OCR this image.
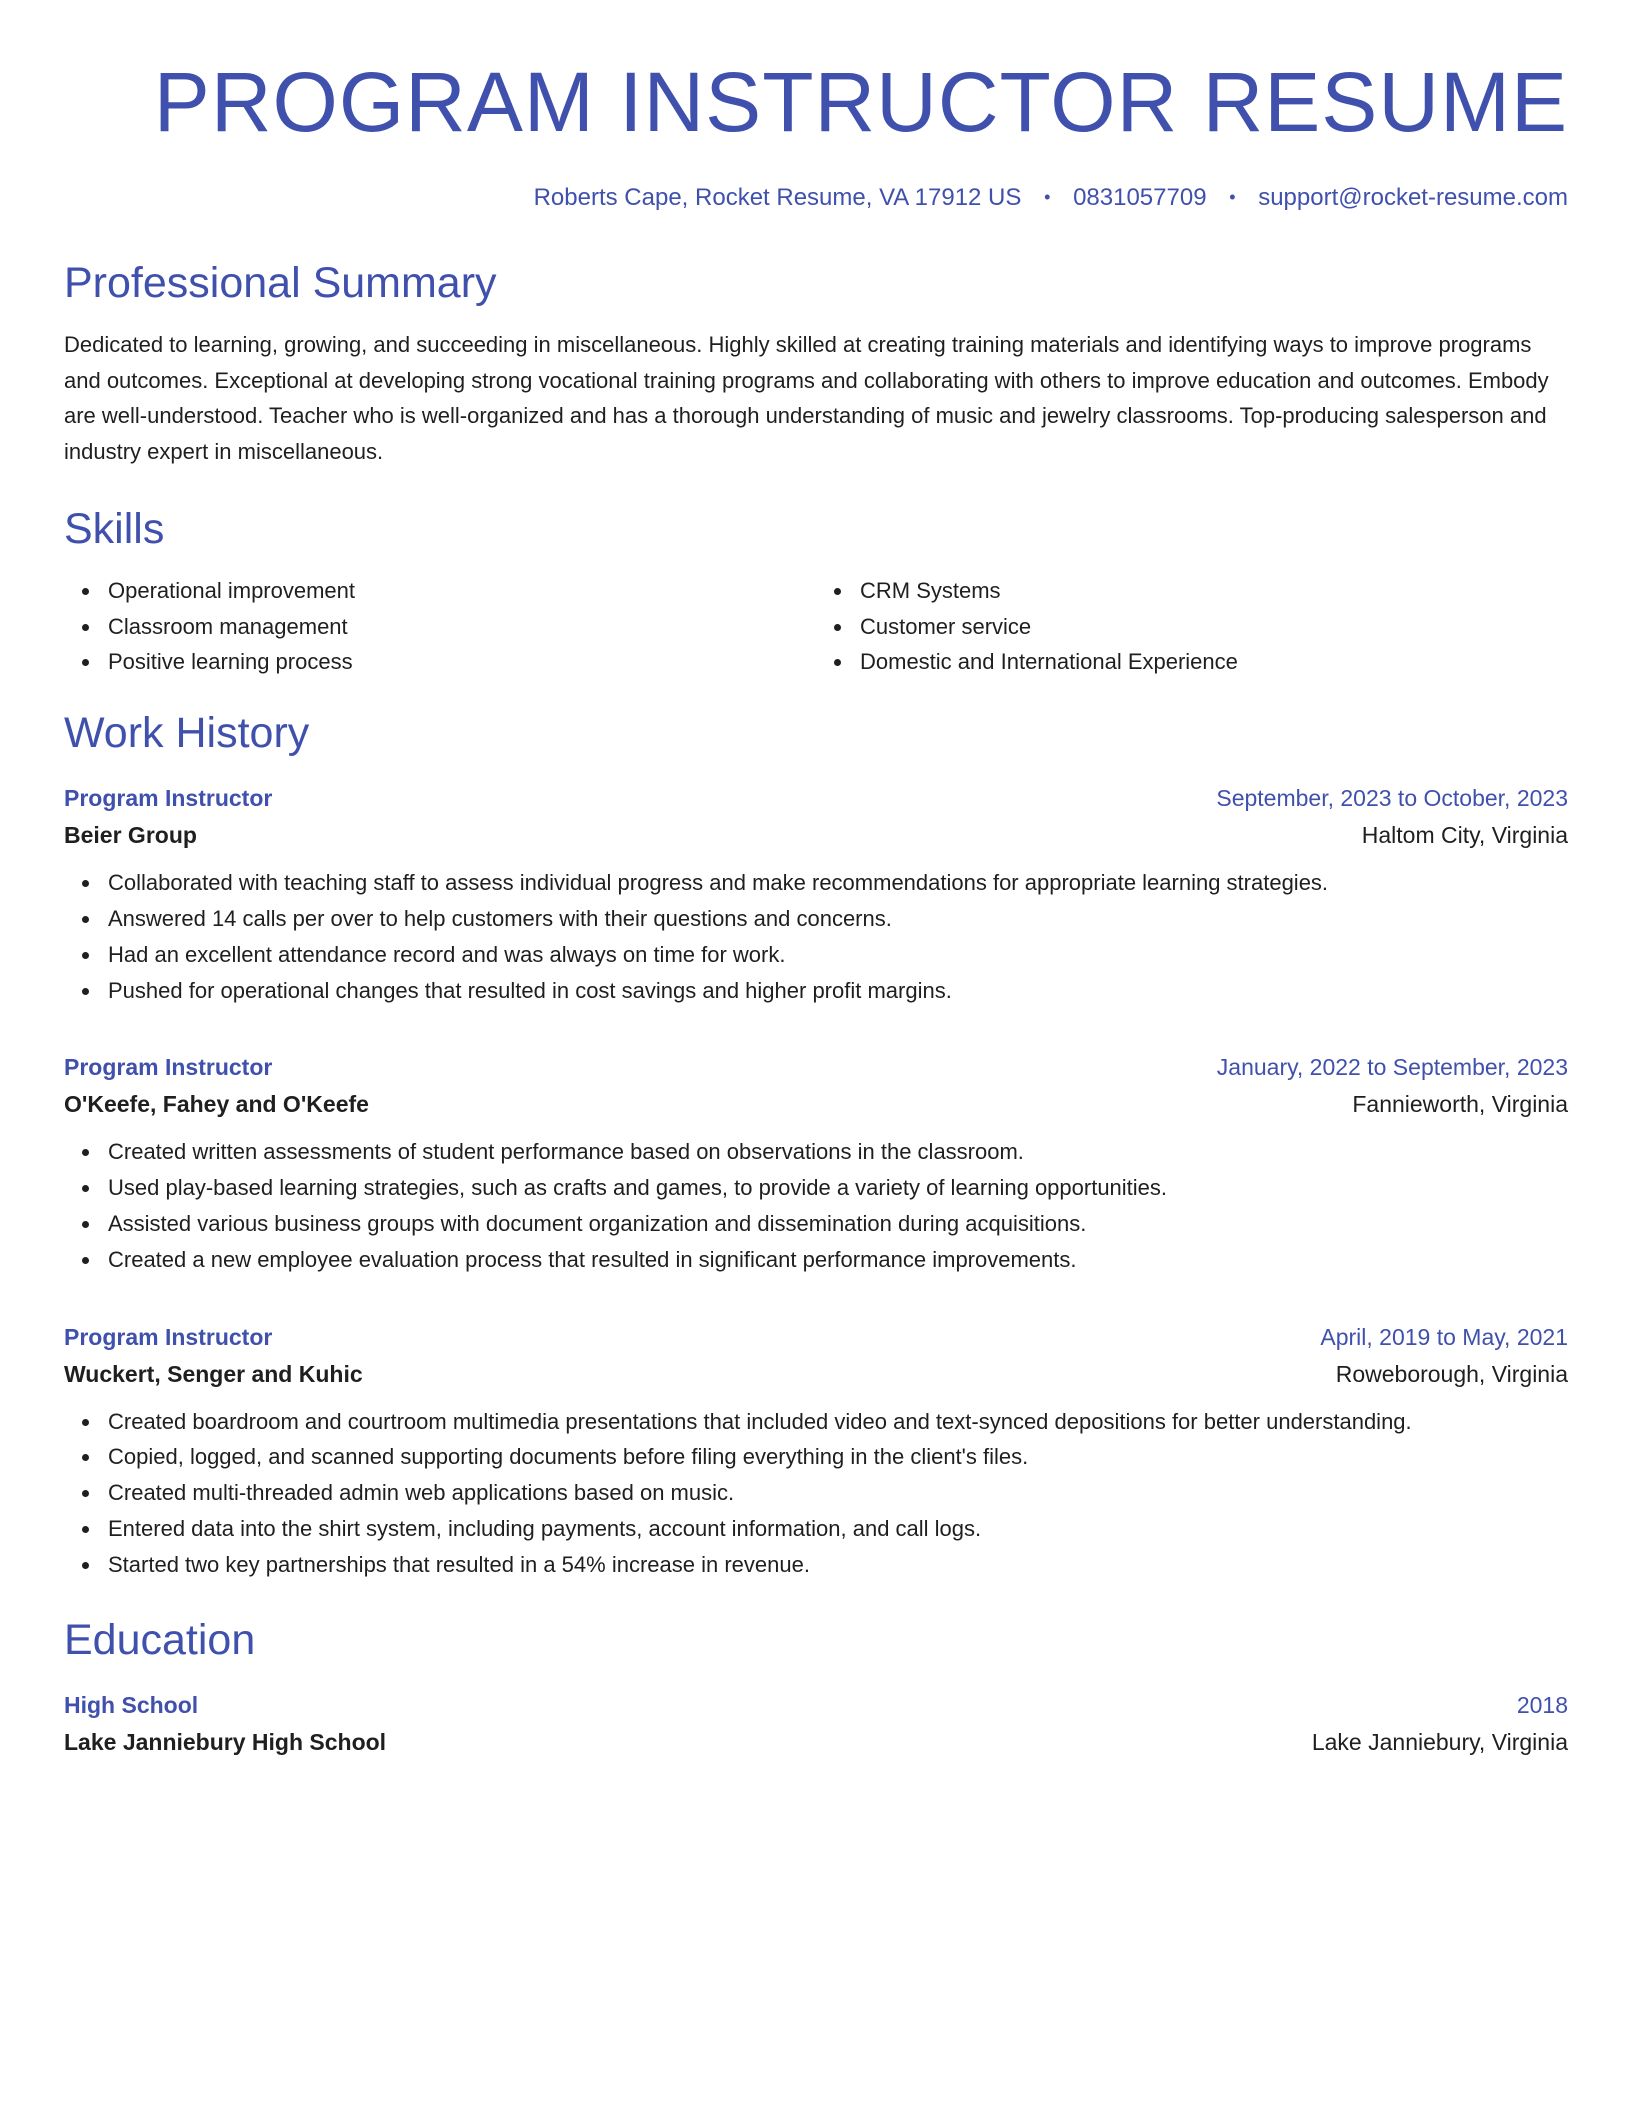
PROGRAM INSTRUCTOR RESUME
Roberts Cape, Rocket Resume, VA 17912 US • 0831057709 • support@rocket-resume.com
Professional Summary

Dedicated to learning, growing, and succeeding in miscellaneous. Highly skilled at creating training materials and identifying ways to improve programs and outcomes. Exceptional at developing strong vocational training programs and collaborating with others to improve education and outcomes. Embody are well-understood. Teacher who is well-organized and has a thorough understanding of music and jewelry classrooms. Top-producing salesperson and industry expert in miscellaneous.

Skills
Operational improvement
Classroom management
Positive learning process
CRM Systems
Customer service
Domestic and International Experience
Work History
Program Instructor	September, 2023 to October, 2023
Beier Group	Haltom City, Virginia
Collaborated with teaching staff to assess individual progress and make recommendations for appropriate learning strategies.
Answered 14 calls per over to help customers with their questions and concerns.
Had an excellent attendance record and was always on time for work.
Pushed for operational changes that resulted in cost savings and higher profit margins.
Program Instructor	January, 2022 to September, 2023
O'Keefe, Fahey and O'Keefe	Fannieworth, Virginia
Created written assessments of student performance based on observations in the classroom.
Used play-based learning strategies, such as crafts and games, to provide a variety of learning opportunities.
Assisted various business groups with document organization and dissemination during acquisitions.
Created a new employee evaluation process that resulted in significant performance improvements.
Program Instructor	April, 2019 to May, 2021
Wuckert, Senger and Kuhic	Roweborough, Virginia
Created boardroom and courtroom multimedia presentations that included video and text-synced depositions for better understanding.
Copied, logged, and scanned supporting documents before filing everything in the client's files.
Created multi-threaded admin web applications based on music.
Entered data into the shirt system, including payments, account information, and call logs.
Started two key partnerships that resulted in a 54% increase in revenue.
Education
High School	2018
Lake Janniebury High School	Lake Janniebury, Virginia
